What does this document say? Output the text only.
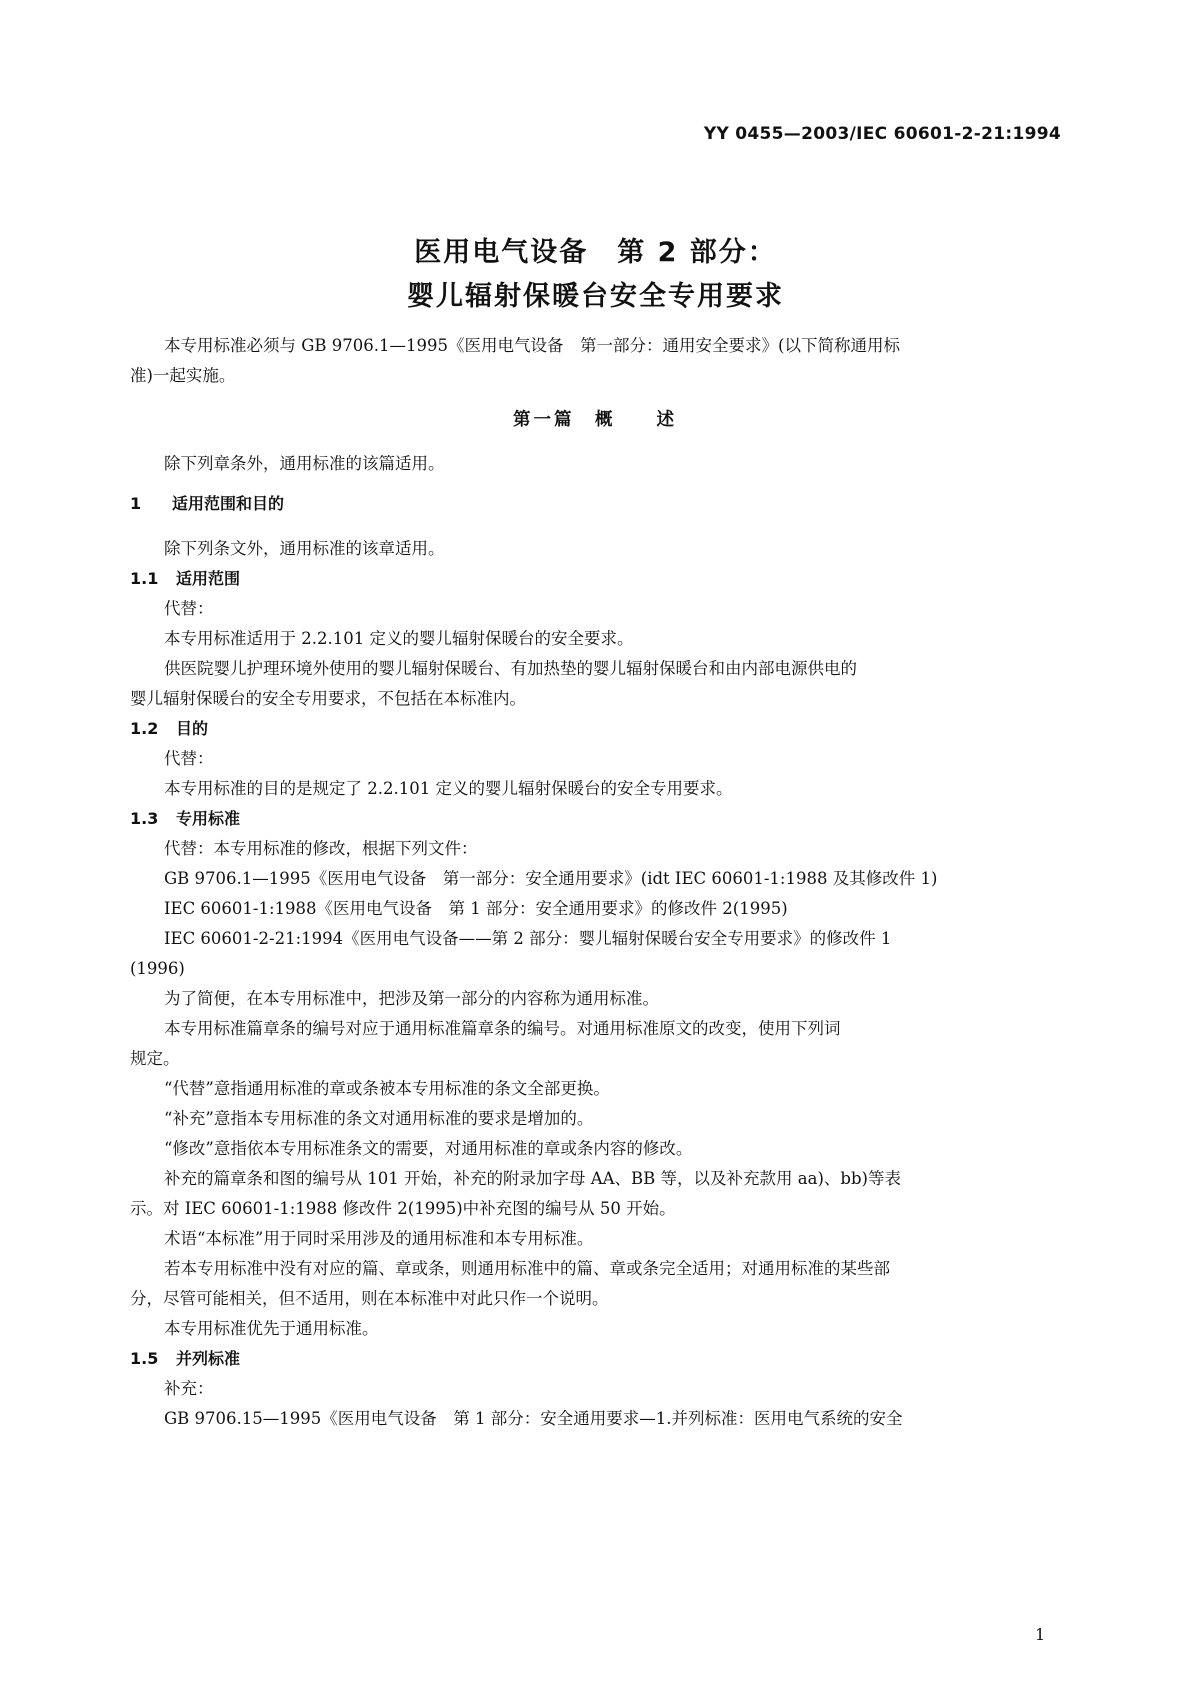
YY 0455—2003/IEC 60601-2-21:1994
医用电气设备　第 2 部分：
婴儿辐射保暖台安全专用要求

本专用标准必须与 GB 9706.1—1995《医用电气设备　第一部分：通用安全要求》(以下简称通用标

准)一起实施。

第一篇　概　　述

除下列章条外，通用标准的该篇适用。

1 适用范围和目的

除下列条文外，通用标准的该章适用。

1.1 适用范围

代替：

本专用标准适用于 2.2.101 定义的婴儿辐射保暖台的安全要求。

供医院婴儿护理环境外使用的婴儿辐射保暖台、有加热垫的婴儿辐射保暖台和由内部电源供电的

婴儿辐射保暖台的安全专用要求，不包括在本标准内。

1.2 目的

代替：

本专用标准的目的是规定了 2.2.101 定义的婴儿辐射保暖台的安全专用要求。

1.3 专用标准

代替：本专用标准的修改，根据下列文件：

GB 9706.1—1995《医用电气设备　第一部分：安全通用要求》(idt IEC 60601-1:1988 及其修改件 1)

IEC 60601-1:1988《医用电气设备　第 1 部分：安全通用要求》的修改件 2(1995)

IEC 60601-2-21:1994《医用电气设备——第 2 部分：婴儿辐射保暖台安全专用要求》的修改件 1

(1996)

为了简便，在本专用标准中，把涉及第一部分的内容称为通用标准。

本专用标准篇章条的编号对应于通用标准篇章条的编号。对通用标准原文的改变，使用下列词

规定。

“代替”意指通用标准的章或条被本专用标准的条文全部更换。

“补充”意指本专用标准的条文对通用标准的要求是增加的。

“修改”意指依本专用标准条文的需要，对通用标准的章或条内容的修改。

补充的篇章条和图的编号从 101 开始，补充的附录加字母 AA、BB 等，以及补充款用 aa)、bb)等表

示。对 IEC 60601-1:1988 修改件 2(1995)中补充图的编号从 50 开始。

术语“本标准”用于同时采用涉及的通用标准和本专用标准。

若本专用标准中没有对应的篇、章或条，则通用标准中的篇、章或条完全适用；对通用标准的某些部

分，尽管可能相关，但不适用，则在本标准中对此只作一个说明。

本专用标准优先于通用标准。

1.5 并列标准

补充：

GB 9706.15—1995《医用电气设备　第 1 部分：安全通用要求—1.并列标准：医用电气系统的安全

1
